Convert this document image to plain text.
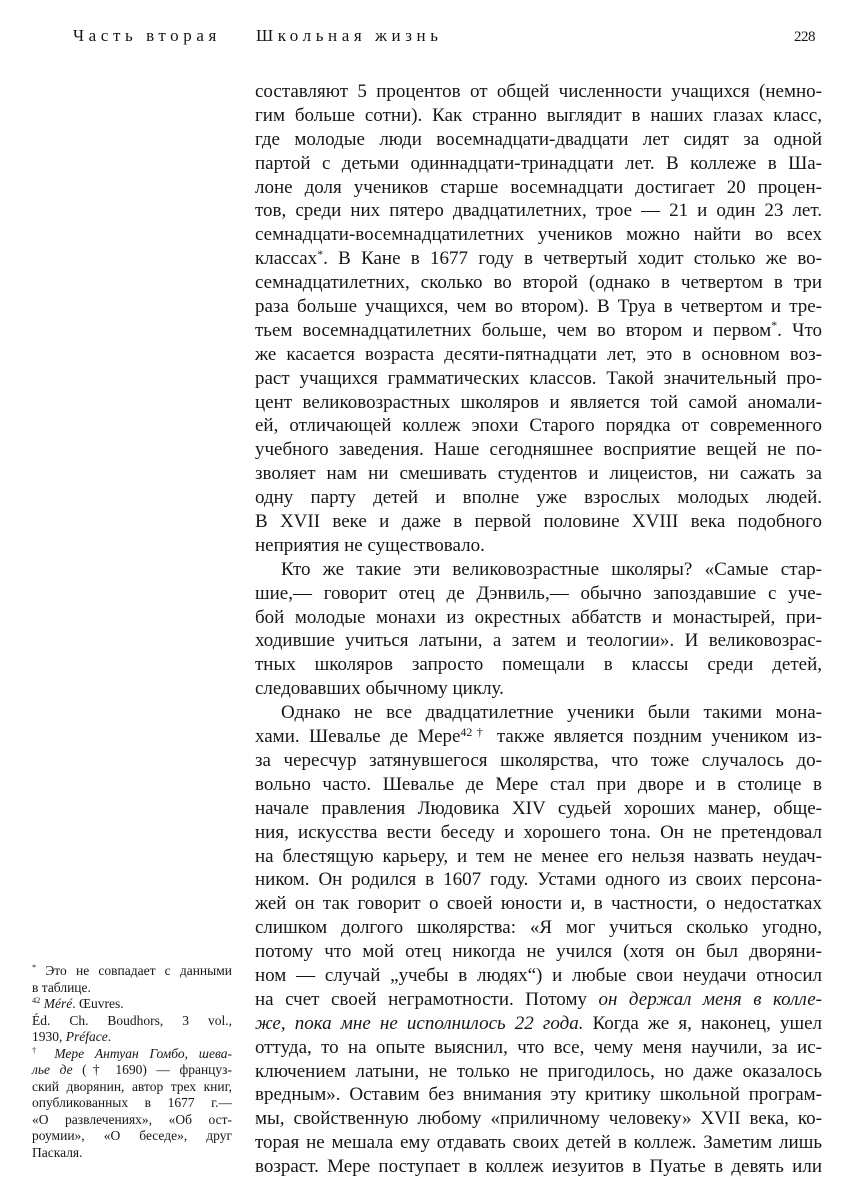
Часть вторая Школьная жизнь	228
составляют 5 процентов от общей численности учащихся (немно-
гим больше сотни). Как странно выглядит в наших глазах класс,
где молодые люди восемнадцати-двадцати лет сидят за одной
партой с детьми одиннадцати-тринадцати лет. В коллеже в Ша-
лоне доля учеников старше восемнадцати достигает 20 процен-
тов, среди них пятеро двадцатилетних, трое — 21 и один 23 лет.
семнадцати-восемнадцатилетних учеников можно найти во всех
классах*. В Кане в 1677 году в четвертый ходит столько же во-
семнадцатилетних, сколько во второй (однако в четвертом в три
раза больше учащихся, чем во втором). В Труа в четвертом и тре-
тьем восемнадцатилетних больше, чем во втором и первом*. Что
же касается возраста десяти-пятнадцати лет, это в основном воз-
раст учащихся грамматических классов. Такой значительный про-
цент великовозрастных школяров и является той самой аномали-
ей, отличающей коллеж эпохи Старого порядка от современного
учебного заведения. Наше сегодняшнее восприятие вещей не по-
зволяет нам ни смешивать студентов и лицеистов, ни сажать за
одну парту детей и вполне уже взрослых молодых людей.
В XVII веке и даже в первой половине XVIII века подобного
неприятия не существовало.
Кто же такие эти великовозрастные школяры? «Самые стар-
шие,— говорит отец де Дэнвиль,— обычно запоздавшие с уче-
бой молодые монахи из окрестных аббатств и монастырей, при-
ходившие учиться латыни, а затем и теологии». И великовозрас-
тных школяров запросто помещали в классы среди детей,
следовавших обычному циклу.
Однако не все двадцатилетние ученики были такими мона-
хами. Шевалье де Мере$^{42\dagger}$ также является поздним учеником из-
за чересчур затянувшегося школярства, что тоже случалось до-
вольно часто. Шевалье де Мере стал при дворе и в столице в
начале правления Людовика XIV судьей хороших манер, обще-
ния, искусства вести беседу и хорошего тона. Он не претендовал
на блестящую карьеру, и тем не менее его нельзя назвать неудач-
ником. Он родился в 1607 году. Устами одного из своих персона-
жей он так говорит о своей юности и, в частности, о недостатках
слишком долгого школярства: «Я мог учиться сколько угодно,
потому что мой отец никогда не учился (хотя он был дворяни-
ном — случай „учебы в людях“) и любые свои неудачи относил
на счет своей неграмотности. Потому он держал меня в колле-
же, пока мне не исполнилось 22 года. Когда же я, наконец, ушел
оттуда, то на опыте выяснил, что все, чему меня научили, за ис-
ключением латыни, не только не пригодилось, но даже оказалось
вредным». Оставим без внимания эту критику школьной програм-
мы, свойственную любому «приличному человеку» XVII века, ко-
торая не мешала ему отдавать своих детей в коллеж. Заметим лишь
возраст. Мере поступает в коллеж иезуитов в Пуатье в девять или
* Это не совпадает с данными
в таблице.
$^{42}$ Méré. Œuvres.
Éd. Ch. Boudhors, 3 vol.,
1930, Préface.
† Мере Антуан Гомбо, шева-
лье де († 1690) — француз-
ский дворянин, автор трех книг,
опубликованных в 1677 г.—
«О развлечениях», «Об ост-
роумии», «О беседе», друг
Паскаля.
